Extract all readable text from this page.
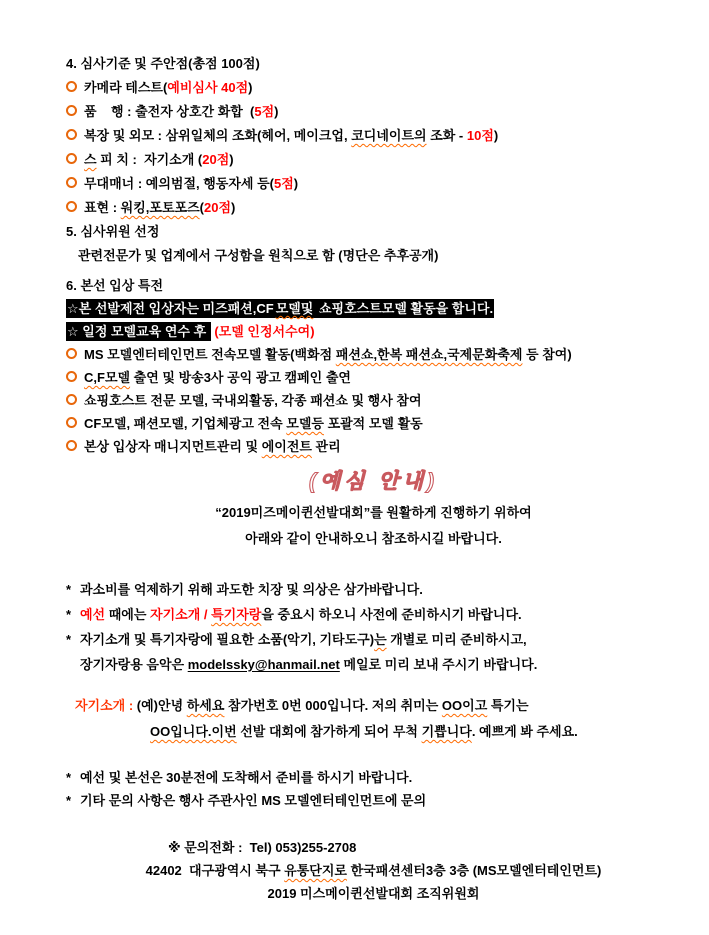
4. 심사기준 및 주안점(총점 100점)
카메라 테스트(예비심사 40점)
품    행 : 출전자 상호간 화합  (5점)
복장 및 외모 : 삼위일체의 조화(헤어, 메이크업, 코디네이트의 조화 - 10점)
스 피 치 :  자기소개 (20점)
무대매너 : 예의범절, 행동자세 등(5점)
표현 : 워킹,포토포즈(20점)
5. 심사위원 선정
관련전문가 및 업계에서 구성함을 원칙으로 함 (명단은 추후공개)
6. 본선 입상 특전
☆본 선발제전 입상자는 미즈패션,CF 모델및 쇼핑호스트모델 활동을 합니다.
☆ 일정 모델교육 연수 후  (모델 인정서수여)
MS 모델엔터테인먼트 전속모델 활동(백화점 패션쇼,한복 패션쇼,국제문화축제 등 참여)
C,F모델 출연 및 방송3사 공익 광고 캠페인 출연
쇼핑호스트 전문 모델, 국내외활동, 각종 패션쇼 및 행사 참여
CF모델, 패션모델, 기업체광고 전속 모델등 포괄적 모델 활동
본상 입상자 매니지먼트관리 및 에이전트 관리
(예심 안내)
“2019미즈메이퀸선발대회”를 원활하게 진행하기 위하여
아래와 같이 안내하오니 참조하시길 바랍니다.
* 과소비를 억제하기 위해 과도한 치장 및 의상은 삼가바랍니다.
* 예선 때에는 자기소개 / 특기자랑을 중요시 하오니 사전에 준비하시기 바랍니다.
* 자기소개 및 특기자랑에 필요한 소품(악기, 기타도구)는 개별로 미리 준비하시고,
장기자랑용 음악은 modelssky@hanmail.net 메일로 미리 보내 주시기 바랍니다.
자기소개 : (예)안녕 하세요 참가번호 0번 000입니다. 저의 취미는 OO이고 특기는
OO입니다.이번 선발 대회에 참가하게 되어 무척 기쁩니다. 예쁘게 봐 주세요.
* 예선 및 본선은 30분전에 도착해서 준비를 하시기 바랍니다.
* 기타 문의 사항은 행사 주관사인 MS 모델엔터테인먼트에 문의
※ 문의전화 :  Tel) 053)255-2708
42402  대구광역시 북구 유통단지로 한국패션센터3층 3층 (MS모델엔터테인먼트)
2019 미스메이퀸선발대회 조직위원회
